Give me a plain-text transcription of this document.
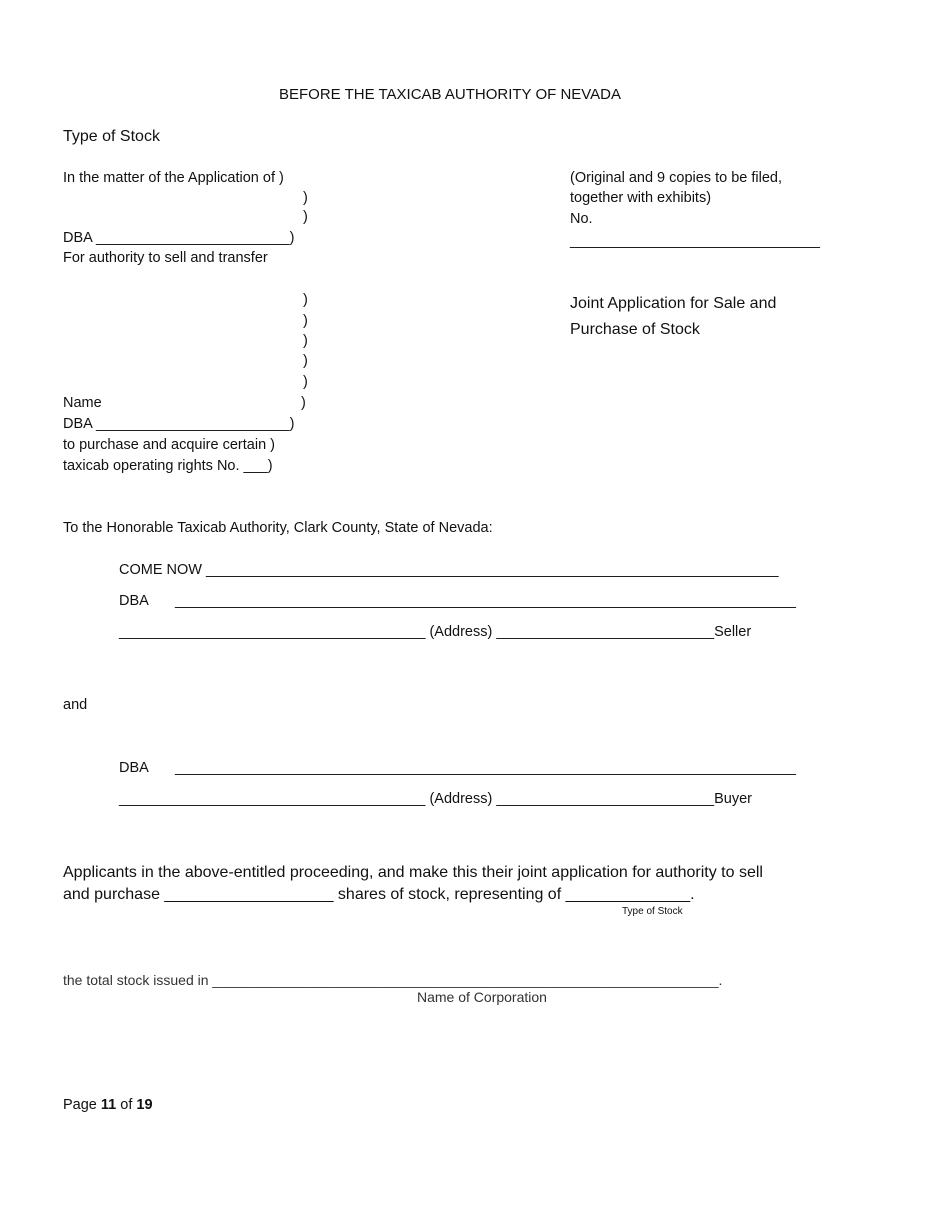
BEFORE THE TAXICAB AUTHORITY OF NEVADA
Type of Stock
In the matter of the Application of )
)
)
DBA ________________________)
For authority to sell and transfer
)
)
)
)
)
Name	)
DBA ________________________)
to purchase and acquire certain )
taxicab operating rights No. ___)
(Original and 9 copies to be filed,
together with exhibits)
No.
_______________________________
Joint Application for Sale and
Purchase of Stock
To the Honorable Taxicab Authority, Clark County, State of Nevada:
COME NOW _______________________________________________________________________
DBA _____________________________________________________________________________
______________________________________ (Address) ___________________________Seller
and
DBA _____________________________________________________________________________
______________________________________ (Address) ___________________________Buyer
Applicants in the above-entitled proceeding, and make this their joint application for authority to sell
and purchase ___________________ shares of stock, representing of ______________.
Type of Stock
the total stock issued in _________________________________________________________________.
Name of Corporation
Page 11 of 19
